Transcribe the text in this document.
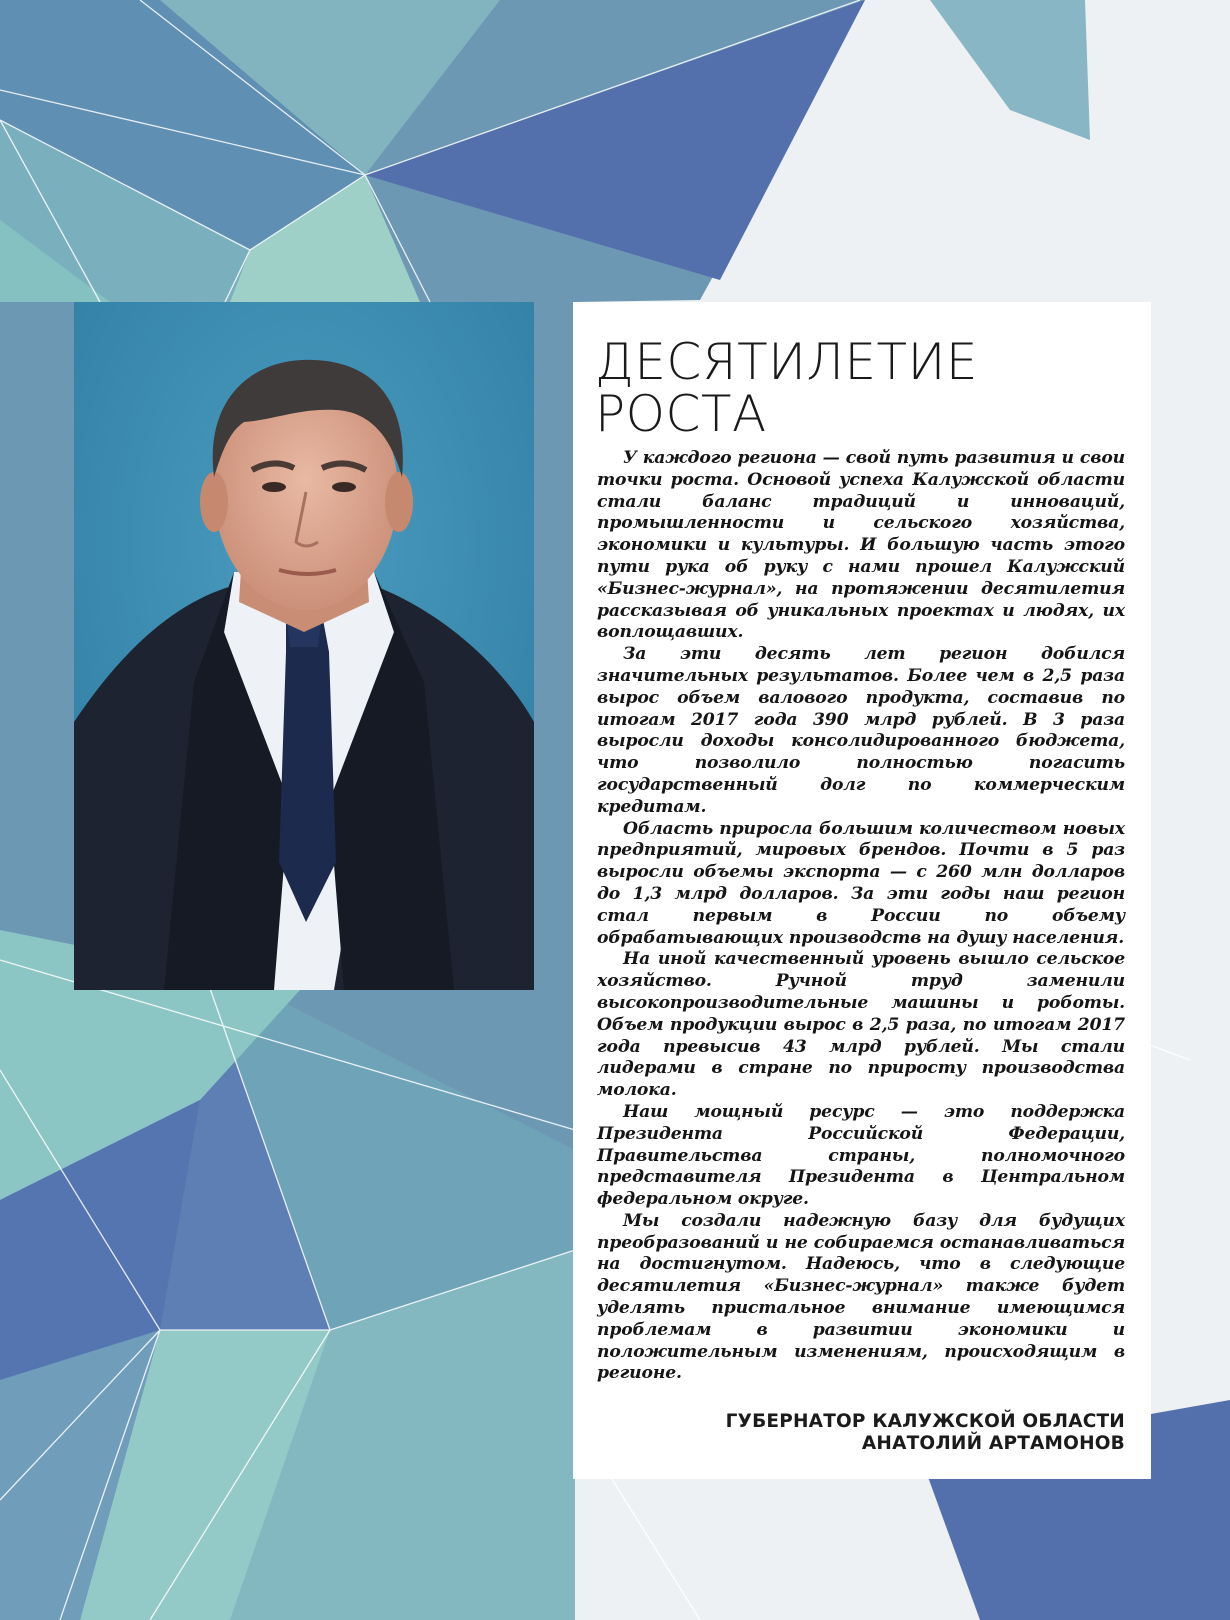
ДЕСЯТИЛЕТИЕ РОСТА

У каждого региона — свой путь развития и свои точки роста. Основой успеха Калужской области стали баланс традиций и инноваций, промышленности и сельского хозяйства, экономики и культуры. И большую часть этого пути рука об руку с нами прошел Калужский «Бизнес-журнал», на протяжении десятилетия рассказывая об уникальных проектах и людях, их воплощавших.

За эти десять лет регион добился значительных результатов. Более чем в 2,5 раза вырос объем валового продукта, составив по итогам 2017 года 390 млрд рублей. В 3 раза выросли доходы консолидированного бюджета, что позволило полностью погасить государственный долг по коммерческим кредитам.

Область приросла большим количеством новых предприятий, мировых брендов. Почти в 5 раз выросли объемы экспорта — с 260 млн долларов до 1,3 млрд долларов. За эти годы наш регион стал первым в России по объему обрабатывающих производств на душу населения.

На иной качественный уровень вышло сельское хозяйство. Ручной труд заменили высокопроизводительные машины и роботы. Объем продукции вырос в 2,5 раза, по итогам 2017 года превысив 43 млрд рублей. Мы стали лидерами в стране по приросту производства молока.

Наш мощный ресурс — это поддержка Президента Российской Федерации, Правительства страны, полномочного представителя Президента в Центральном федеральном округе.

Мы создали надежную базу для будущих преобразований и не собираемся останавливаться на достигнутом. Надеюсь, что в следующие десятилетия «Бизнес-журнал» также будет уделять пристальное внимание имеющимся проблемам в развитии экономики и положительным изменениям, происходящим в регионе.

ГУБЕРНАТОР КАЛУЖСКОЙ ОБЛАСТИ
АНАТОЛИЙ АРТАМОНОВ
